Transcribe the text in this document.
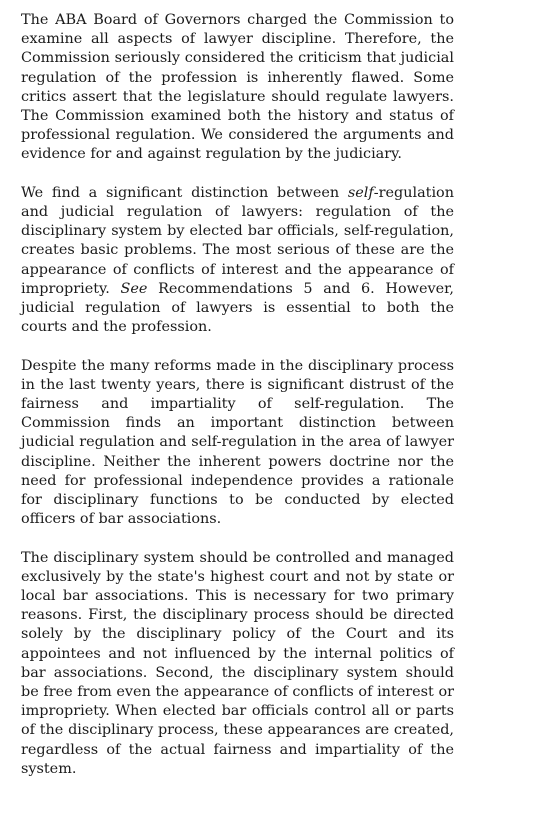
The ABA Board of Governors charged the Commission to examine all aspects of lawyer discipline. Therefore, the Commission seriously considered the criticism that judicial regulation of the profession is inherently flawed. Some critics assert that the legislature should regulate lawyers. The Commission examined both the history and status of professional regulation. We considered the arguments and evidence for and against regulation by the judiciary.

We find a significant distinction between self-regulation and judicial regulation of lawyers: regulation of the disciplinary system by elected bar officials, self-regulation, creates basic problems. The most serious of these are the appearance of conflicts of interest and the appearance of impropriety. See Recommendations 5 and 6. However, judicial regulation of lawyers is essential to both the courts and the profession.

Despite the many reforms made in the disciplinary process in the last twenty years, there is significant distrust of the fairness and impartiality of self-regulation. The Commission finds an important distinction between judicial regulation and self-regulation in the area of lawyer discipline. Neither the inherent powers doctrine nor the need for professional independence provides a rationale for disciplinary functions to be conducted by elected officers of bar associations.

The disciplinary system should be controlled and managed exclusively by the state's highest court and not by state or local bar associations. This is necessary for two primary reasons. First, the disciplinary process should be directed solely by the disciplinary policy of the Court and its appointees and not influenced by the internal politics of bar associations. Second, the disciplinary system should be free from even the appearance of conflicts of interest or impropriety. When elected bar officials control all or parts of the disciplinary process, these appearances are created, regardless of the actual fairness and impartiality of the system.
